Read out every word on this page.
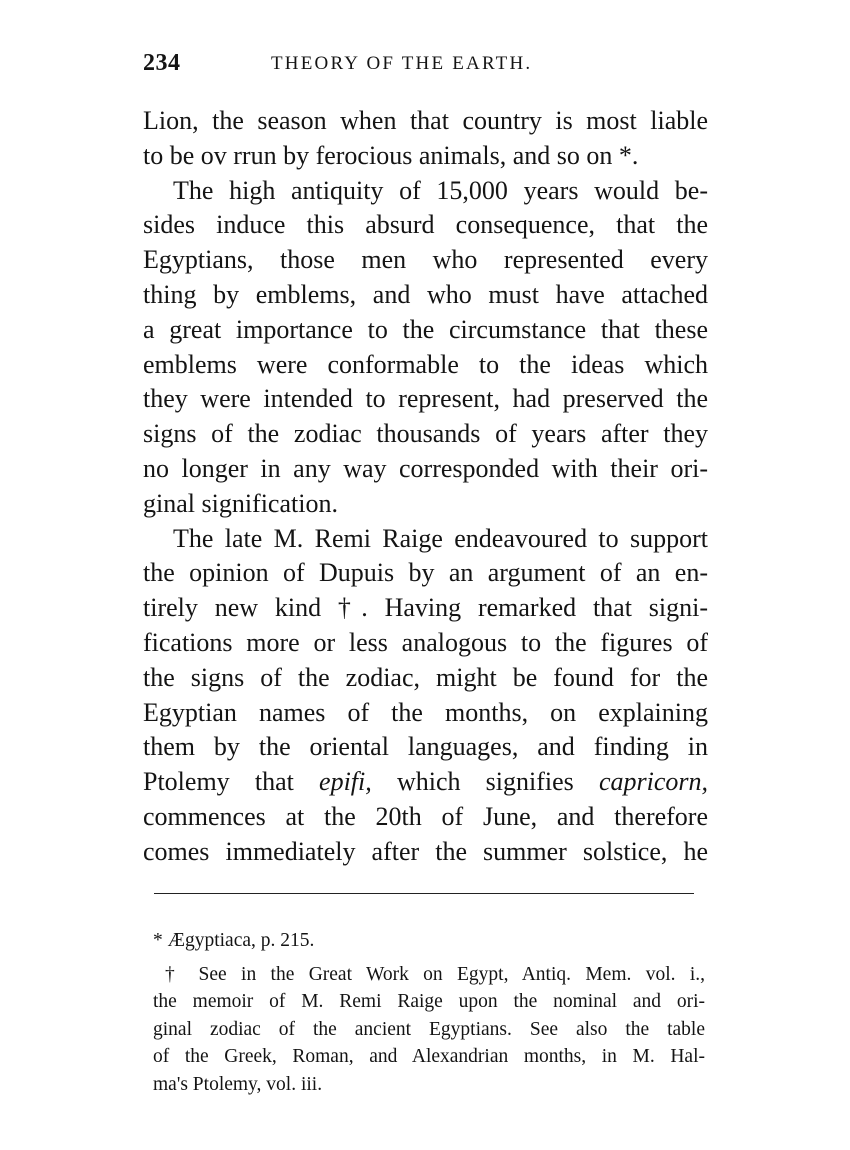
234	THEORY OF THE EARTH.
Lion, the season when that country is most liable
to be ov rrun by ferocious animals, and so on *.
The high antiquity of 15,000 years would be-
sides induce this absurd consequence, that the
Egyptians, those men who represented every
thing by emblems, and who must have attached
a great importance to the circumstance that these
emblems were conformable to the ideas which
they were intended to represent, had preserved the
signs of the zodiac thousands of years after they
no longer in any way corresponded with their ori-
ginal signification.
The late M. Remi Raige endeavoured to support
the opinion of Dupuis by an argument of an en-
tirely new kind †. Having remarked that signi-
fications more or less analogous to the figures of
the signs of the zodiac, might be found for the
Egyptian names of the months, on explaining
them by the oriental languages, and finding in
Ptolemy that epifi, which signifies capricorn,
commences at the 20th of June, and therefore
comes immediately after the summer solstice, he
* Ægyptiaca, p. 215.
† See in the Great Work on Egypt, Antiq. Mem. vol. i.,
the memoir of M. Remi Raige upon the nominal and ori-
ginal zodiac of the ancient Egyptians. See also the table
of the Greek, Roman, and Alexandrian months, in M. Hal-
ma's Ptolemy, vol. iii.
